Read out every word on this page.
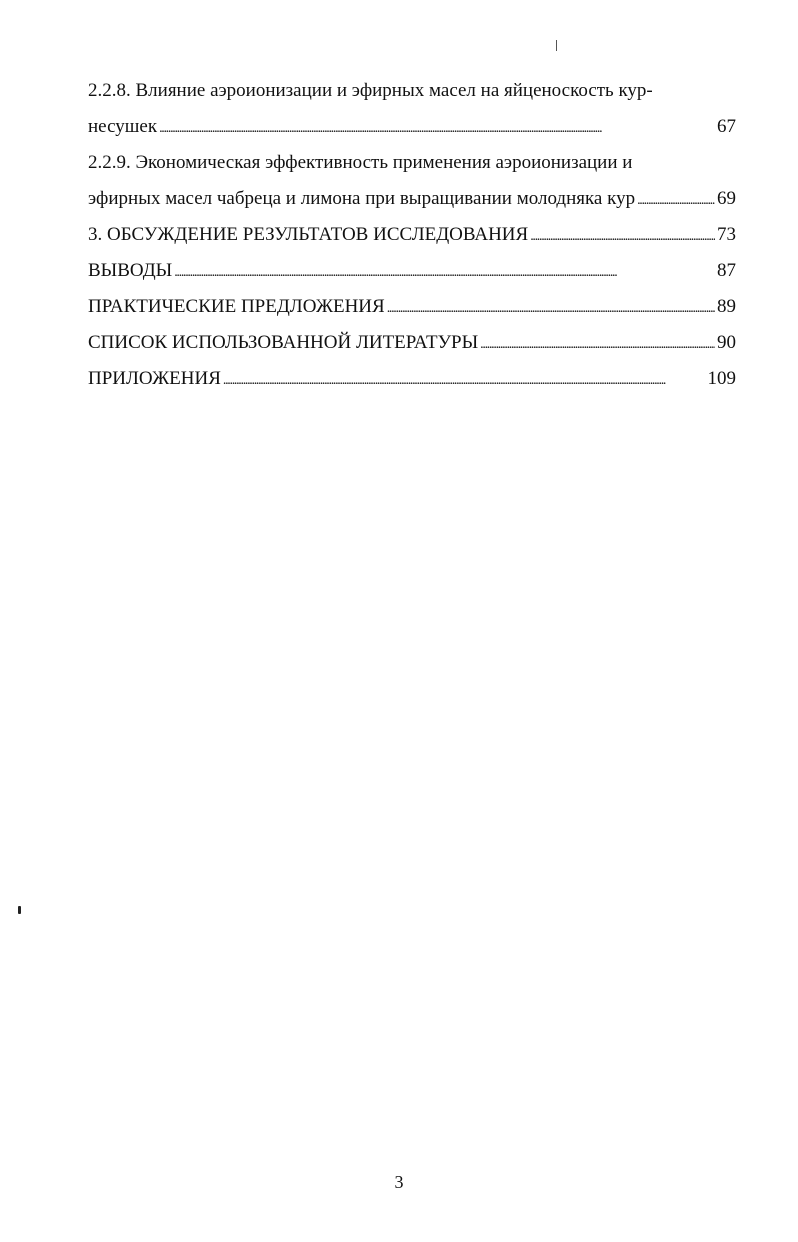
2.2.8. Влияние аэроионизации и эфирных масел на яйценоскость кур-
несушек . . .	67
2.2.9. Экономическая эффективность применения аэроионизации и
эфирных масел чабреца и лимона при выращивании молодняка кур . . .	69
3. ОБСУЖДЕНИЕ РЕЗУЛЬТАТОВ ИССЛЕДОВАНИЯ . . .	73
ВЫВОДЫ . . .	87
ПРАКТИЧЕСКИЕ ПРЕДЛОЖЕНИЯ . . .	89
СПИСОК ИСПОЛЬЗОВАННОЙ ЛИТЕРАТУРЫ . . .	90
ПРИЛОЖЕНИЯ . . .	109
3
